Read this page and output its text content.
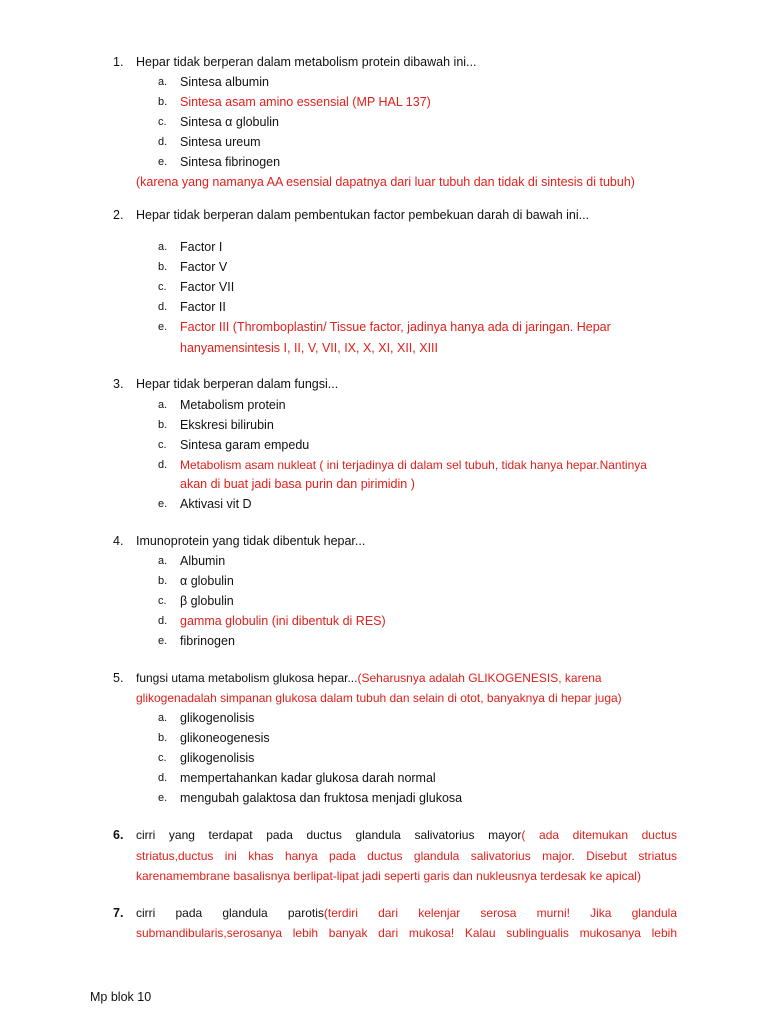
1. Hepar tidak berperan dalam metabolism protein dibawah ini...
a. Sintesa albumin
b. Sintesa asam amino essensial (MP HAL 137)
c. Sintesa α globulin
d. Sintesa ureum
e. Sintesa fibrinogen
(karena yang namanya AA esensial dapatnya dari luar tubuh dan tidak di sintesis di tubuh)
2. Hepar tidak berperan dalam pembentukan factor pembekuan darah di bawah ini...
a. Factor I
b. Factor V
c. Factor VII
d. Factor II
e. Factor III (Thromboplastin/ Tissue factor, jadinya hanya ada di jaringan. Hepar
hanyamensintesis I, II, V, VII, IX, X, XI, XII, XIII
3. Hepar tidak berperan dalam fungsi...
a. Metabolism protein
b. Ekskresi bilirubin
c. Sintesa garam empedu
d. Metabolism asam nukleat ( ini terjadinya di dalam sel tubuh, tidak hanya hepar.Nantinya
akan di buat jadi basa purin dan pirimidin )
e. Aktivasi vit D
4. Imunoprotein yang tidak dibentuk hepar...
a. Albumin
b. α globulin
c. β globulin
d. gamma globulin (ini dibentuk di RES)
e. fibrinogen
5. fungsi utama metabolism glukosa hepar...(Seharusnya adalah GLIKOGENESIS, karena
glikogenadalah simpanan glukosa dalam tubuh dan selain di otot, banyaknya di hepar juga)
a. glikogenolisis
b. glikoneogenesis
c. glikogenolisis
d. mempertahankan kadar glukosa darah normal
e. mengubah galaktosa dan fruktosa menjadi glukosa
6. cirri yang terdapat pada ductus glandula salivatorius mayor( ada ditemukan ductus
striatus,ductus ini khas hanya pada ductus glandula salivatorius major. Disebut striatus
karenamembrane basalisnya berlipat-lipat jadi seperti garis dan nukleusnya terdesak ke apical)
7. cirri pada glandula parotis(terdiri dari kelenjar serosa murni! Jika glandula
submandibularis,serosanya lebih banyak dari mukosa! Kalau sublingualis mukosanya lebih
Mp blok 10
